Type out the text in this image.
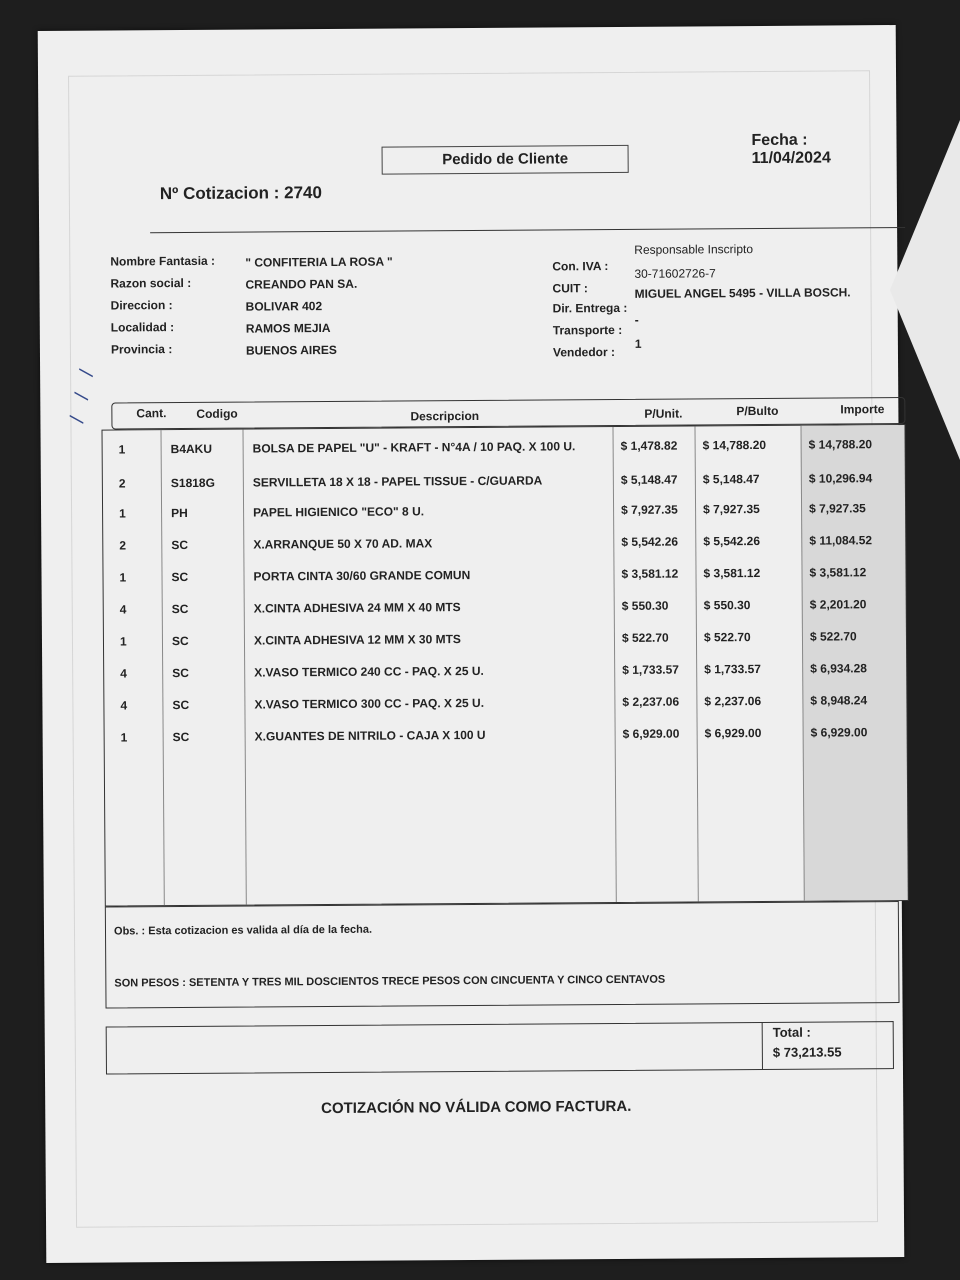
Fecha : 11/04/2024
Pedido de Cliente
Nº Cotizacion : 2740
Nombre Fantasia :	" CONFITERIA LA ROSA "
Razon social :	CREANDO PAN SA.
Direccion :	BOLIVAR 402
Localidad :	RAMOS MEJIA
Provincia :	BUENOS AIRES
Con. IVA :
Responsable Inscripto
CUIT :
30-71602726-7
Dir. Entrega :
MIGUEL ANGEL 5495 - VILLA BOSCH.
Transporte :
-
Vendedor :
1
Cant. Codigo	Descripcion	P/Unit.	P/Bulto	Importe
1	B4AKU	BOLSA DE PAPEL "U" - KRAFT - N°4A / 10 PAQ. X 100 U.	$ 1,478.82 $ 14,788.20	$ 14,788.20
2	S1818G	SERVILLETA 18 X 18 - PAPEL TISSUE - C/GUARDA	$ 5,148.47 $ 5,148.47	$ 10,296.94
1	PH	PAPEL HIGIENICO "ECO" 8 U.	$ 7,927.35 $ 7,927.35	$ 7,927.35
2	SC	X.ARRANQUE 50 X 70 AD. MAX	$ 5,542.26 $ 5,542.26	$ 11,084.52
1	SC	PORTA CINTA 30/60 GRANDE COMUN	$ 3,581.12 $ 3,581.12	$ 3,581.12
4	SC	X.CINTA ADHESIVA 24 MM X 40 MTS	$ 550.30	$ 550.30	$ 2,201.20
1	SC	X.CINTA ADHESIVA 12 MM X 30 MTS	$ 522.70	$ 522.70	$ 522.70
4	SC	X.VASO TERMICO 240 CC - PAQ. X 25 U.	$ 1,733.57 $ 1,733.57	$ 6,934.28
4	SC	X.VASO TERMICO 300 CC - PAQ. X 25 U.	$ 2,237.06 $ 2,237.06	$ 8,948.24
1	SC	X.GUANTES DE NITRILO - CAJA X 100 U	$ 6,929.00 $ 6,929.00	$ 6,929.00
Obs. : Esta cotizacion es valida al día de la fecha.
SON PESOS : SETENTA Y TRES MIL DOSCIENTOS TRECE PESOS CON CINCUENTA Y CINCO CENTAVOS
Total :
$ 73,213.55
COTIZACIÓN NO VÁLIDA COMO FACTURA.
/ / /
